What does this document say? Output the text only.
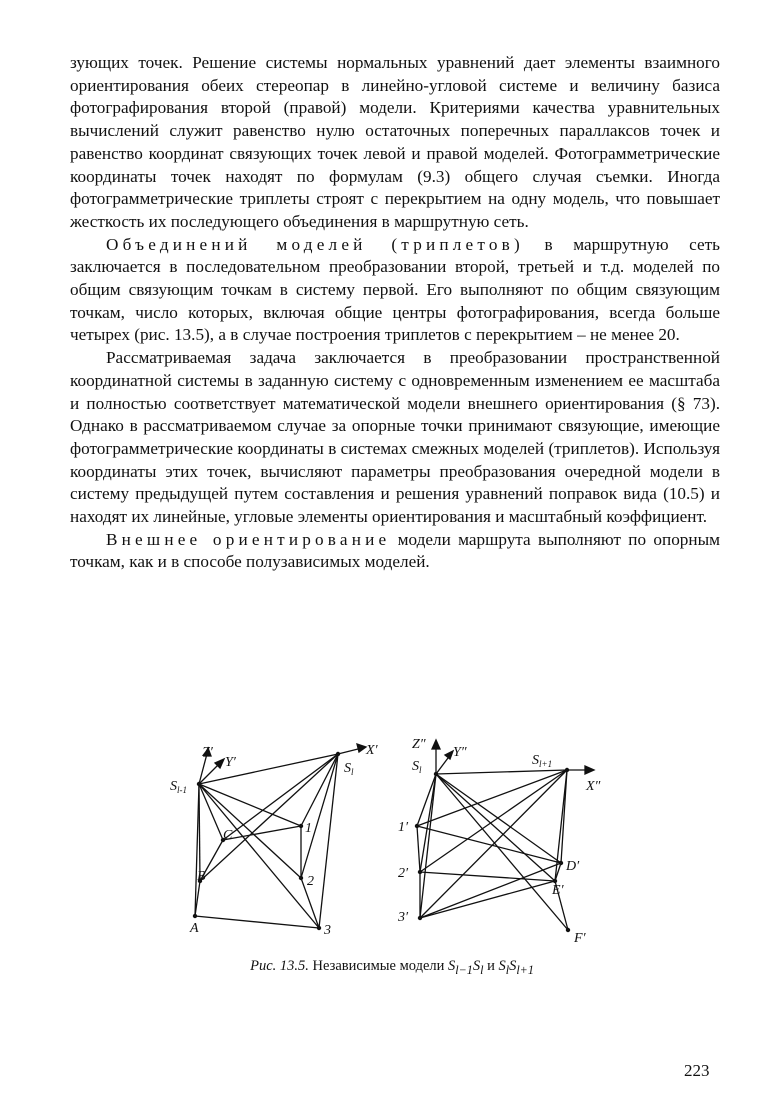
зующих точек. Решение системы нормальных уравнений дает элементы взаимного ориентирования обеих стереопар в линейно-угловой системе и величину базиса фотографирования второй (правой) модели. Критериями качества уравнительных вычислений служит равенство нулю остаточных поперечных параллаксов точек и равенство координат связующих точек левой и правой моделей. Фотограмметрические координаты точек находят по формулам (9.3) общего случая съемки. Иногда фотограмметрические триплеты строят с перекрытием на одну модель, что повышает жесткость их последующего объединения в маршрутную сеть.

Объединений моделей (триплетов) в маршрутную сеть заключается в последовательном преобразовании второй, третьей и т.д. моделей по общим связующим точкам в систему первой. Его выполняют по общим связующим точкам, число которых, включая общие центры фотографирования, всегда больше четырех (рис. 13.5), а в случае построения триплетов с перекрытием – не менее 20.

Рассматриваемая задача заключается в преобразовании пространственной координатной системы в заданную систему с одновременным изменением ее масштаба и полностью соответствует математической модели внешнего ориентирования (§ 73). Однако в рассматриваемом случае за опорные точки принимают связующие, имеющие фотограмметрические координаты в системах смежных моделей (триплетов). Используя координаты этих точек, вычисляют параметры преобразования очередной модели в систему предыдущей путем составления и решения уравнений поправок вида (10.5) и находят их линейные, угловые элементы ориентирования и масштабный коэффициент.

Внешнее ориентирование модели маршрута выполняют по опорным точкам, как и в способе полузависимых моделей.

Z′
Y′
X′
$S_{l-1}$
$S_l$
C
B
A
1
2
3
Z″
Y″
X″
$S_l$
$S_{l+1}$
1′
2′
3′
D′
E′
F′
Рис. 13.5. Независимые модели $S_{l-1}S_l$ и $S_lS_{l+1}$
223
